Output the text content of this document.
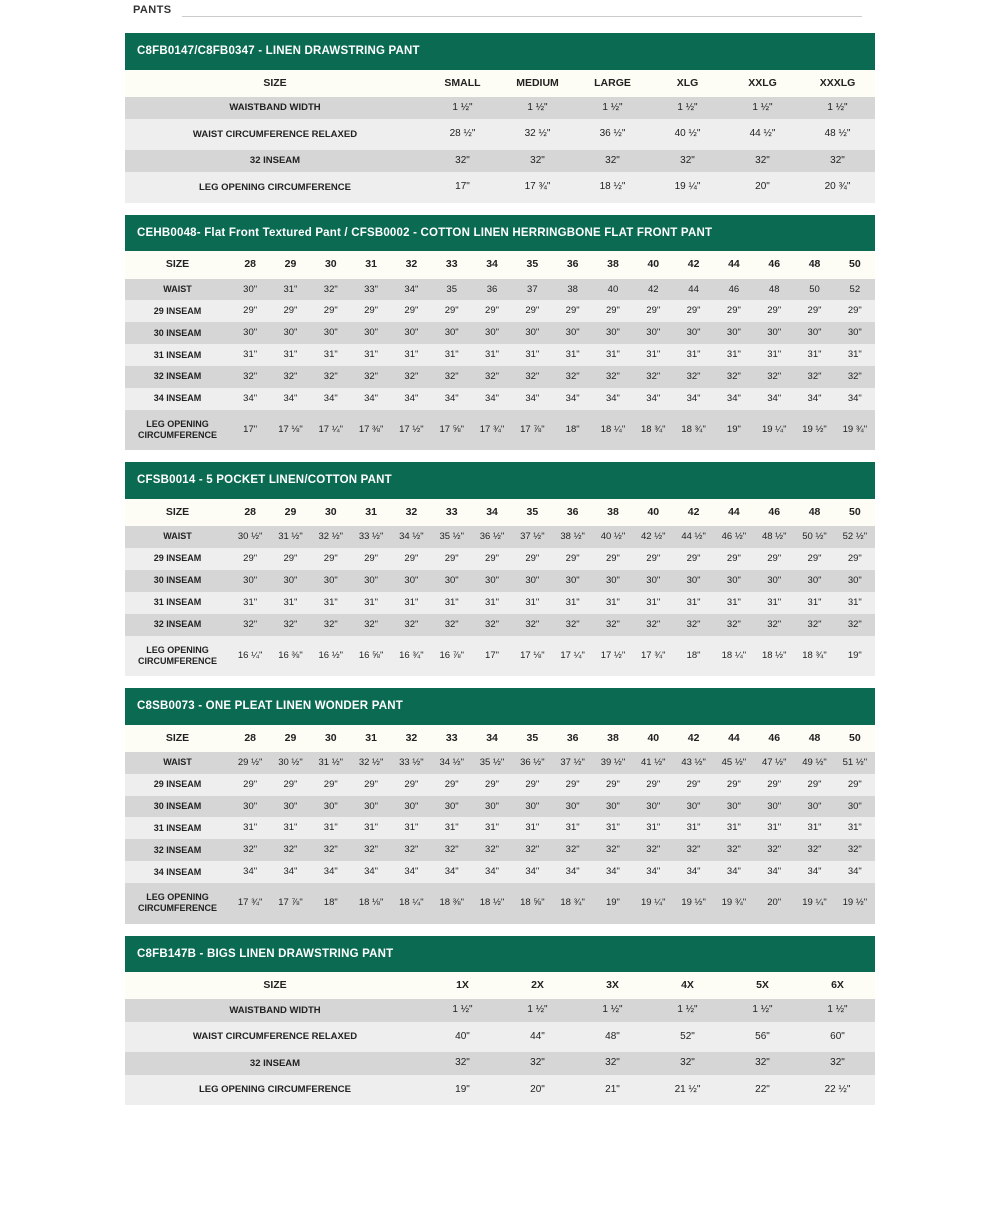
PANTS
C8FB0147/C8FB0347 - LINEN DRAWSTRING PANT
SIZE	SMALL	MEDIUM	LARGE	XLG	XXLG	XXXLG
WAISTBAND WIDTH	1 ½"	1 ½"	1 ½"	1 ½"	1 ½"	1 ½"
WAIST CIRCUMFERENCE RELAXED	28 ½"	32 ½"	36 ½"	40 ½"	44 ½"	48 ½"
32 INSEAM	32"	32"	32"	32"	32"	32"
LEG OPENING CIRCUMFERENCE	17"	17 ¾"	18 ½"	19 ¼"	20"	20 ¾"
CEHB0048- Flat Front Textured Pant / CFSB0002 - COTTON LINEN HERRINGBONE FLAT FRONT PANT
SIZE	28	29	30	31	32	33	34	35	36	38	40	42	44	46	48	50
WAIST	30"	31"	32"	33"	34"	35	36	37	38	40	42	44	46	48	50	52
29 INSEAM	29"	29"	29"	29"	29"	29"	29"	29"	29"	29"	29"	29"	29"	29"	29"	29"
30 INSEAM	30"	30"	30"	30"	30"	30"	30"	30"	30"	30"	30"	30"	30"	30"	30"	30"
31 INSEAM	31"	31"	31"	31"	31"	31"	31"	31"	31"	31"	31"	31"	31"	31"	31"	31"
32 INSEAM	32"	32"	32"	32"	32"	32"	32"	32"	32"	32"	32"	32"	32"	32"	32"	32"
34 INSEAM	34"	34"	34"	34"	34"	34"	34"	34"	34"	34"	34"	34"	34"	34"	34"	34"
LEG OPENING CIRCUMFERENCE	17"	17 ⅛"	17 ¼"	17 ⅜"	17 ½"	17 ⅝"	17 ¾"	17 ⅞"	18"	18 ¼"	18 ¾"	18 ¾"	19"	19 ¼"	19 ½"	19 ¾"
CFSB0014 - 5 POCKET LINEN/COTTON PANT
SIZE	28	29	30	31	32	33	34	35	36	38	40	42	44	46	48	50
WAIST	30 ½"	31 ½"	32 ½"	33 ½"	34 ½"	35 ½"	36 ½"	37 ½"	38 ½"	40 ½"	42 ½"	44 ½"	46 ½"	48 ½"	50 ½"	52 ½"
29 INSEAM	29"	29"	29"	29"	29"	29"	29"	29"	29"	29"	29"	29"	29"	29"	29"	29"
30 INSEAM	30"	30"	30"	30"	30"	30"	30"	30"	30"	30"	30"	30"	30"	30"	30"	30"
31 INSEAM	31"	31"	31"	31"	31"	31"	31"	31"	31"	31"	31"	31"	31"	31"	31"	31"
32 INSEAM	32"	32"	32"	32"	32"	32"	32"	32"	32"	32"	32"	32"	32"	32"	32"	32"
LEG OPENING CIRCUMFERENCE	16 ¼"	16 ⅜"	16 ½"	16 ⅝"	16 ¾"	16 ⅞"	17"	17 ⅛"	17 ¼"	17 ½"	17 ¾"	18"	18 ¼"	18 ½"	18 ¾"	19"
C8SB0073 - ONE PLEAT LINEN WONDER PANT
SIZE	28	29	30	31	32	33	34	35	36	38	40	42	44	46	48	50
WAIST	29 ½"	30 ½"	31 ½"	32 ½"	33 ½"	34 ½"	35 ½"	36 ½"	37 ½"	39 ½"	41 ½"	43 ½"	45 ½"	47 ½"	49 ½"	51 ½"
29 INSEAM	29"	29"	29"	29"	29"	29"	29"	29"	29"	29"	29"	29"	29"	29"	29"	29"
30 INSEAM	30"	30"	30"	30"	30"	30"	30"	30"	30"	30"	30"	30"	30"	30"	30"	30"
31 INSEAM	31"	31"	31"	31"	31"	31"	31"	31"	31"	31"	31"	31"	31"	31"	31"	31"
32 INSEAM	32"	32"	32"	32"	32"	32"	32"	32"	32"	32"	32"	32"	32"	32"	32"	32"
34 INSEAM	34"	34"	34"	34"	34"	34"	34"	34"	34"	34"	34"	34"	34"	34"	34"	34"
LEG OPENING CIRCUMFERENCE	17 ¾"	17 ⅞"	18"	18 ⅛"	18 ¼"	18 ⅜"	18 ½"	18 ⅝"	18 ¾"	19"	19 ¼"	19 ½"	19 ¾"	20"	19 ¼"	19 ½"
C8FB147B - BIGS LINEN DRAWSTRING PANT
SIZE	1X	2X	3X	4X	5X	6X
WAISTBAND WIDTH	1 ½"	1 ½"	1 ½"	1 ½"	1 ½"	1 ½"
WAIST CIRCUMFERENCE RELAXED	40"	44"	48"	52"	56"	60"
32 INSEAM	32"	32"	32"	32"	32"	32"
LEG OPENING CIRCUMFERENCE	19"	20"	21"	21 ½"	22"	22 ½"
